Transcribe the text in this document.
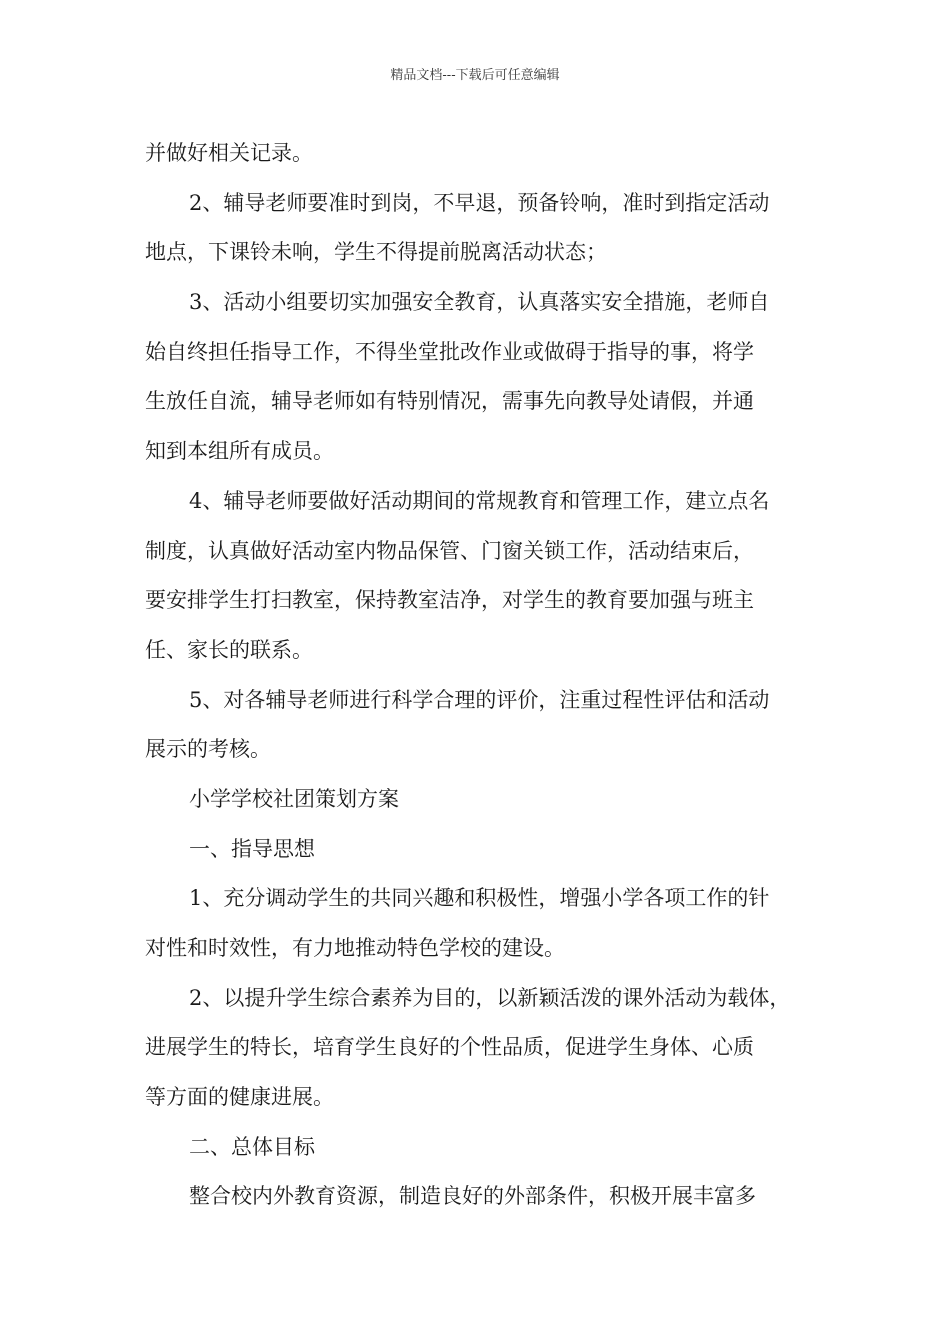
精品文档---下载后可任意编辑
并做好相关记录。
2、辅导老师要准时到岗，不早退，预备铃响，准时到指定活动
地点，下课铃未响，学生不得提前脱离活动状态；
3、活动小组要切实加强安全教育，认真落实安全措施，老师自
始自终担任指导工作，不得坐堂批改作业或做碍于指导的事，将学
生放任自流，辅导老师如有特别情况，需事先向教导处请假，并通
知到本组所有成员。
4、辅导老师要做好活动期间的常规教育和管理工作，建立点名
制度，认真做好活动室内物品保管、门窗关锁工作，活动结束后，
要安排学生打扫教室，保持教室洁净，对学生的教育要加强与班主
任、家长的联系。
5、对各辅导老师进行科学合理的评价，注重过程性评估和活动
展示的考核。
小学学校社团策划方案
一、指导思想
1、充分调动学生的共同兴趣和积极性，增强小学各项工作的针
对性和时效性，有力地推动特色学校的建设。
2、以提升学生综合素养为目的，以新颖活泼的课外活动为载体，
进展学生的特长，培育学生良好的个性品质，促进学生身体、心质
等方面的健康进展。
二、总体目标
整合校内外教育资源，制造良好的外部条件，积极开展丰富多
